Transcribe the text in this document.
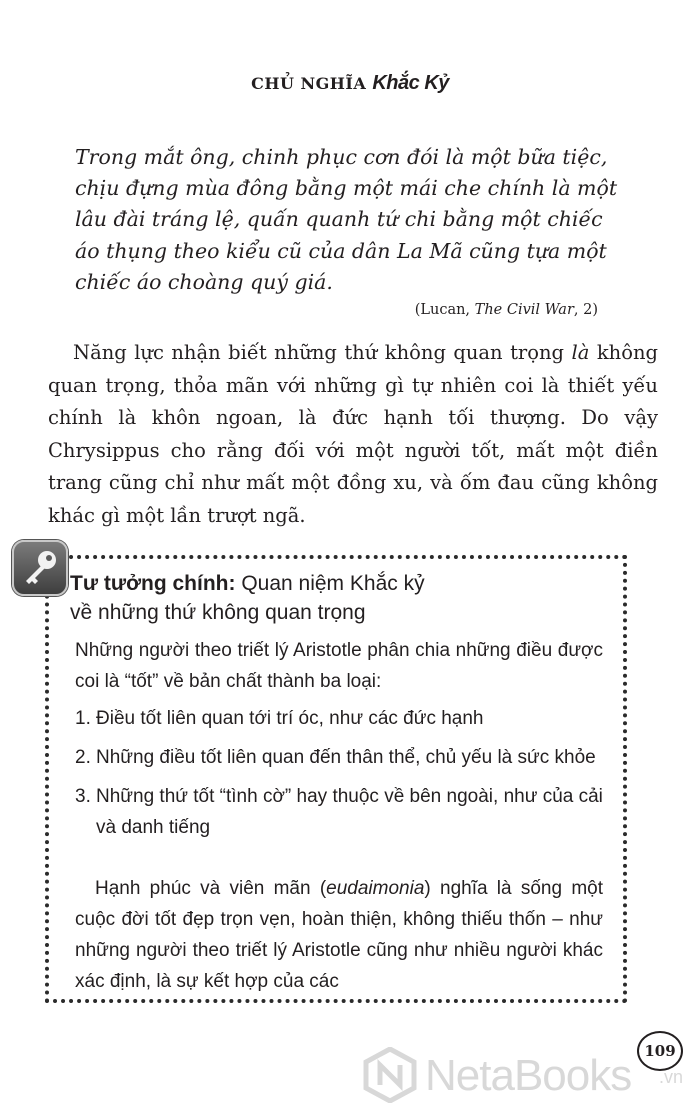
CHỦ NGHĨA Khắc Kỷ
Trong mắt ông, chinh phục cơn đói là một bữa tiệc,
chịu đựng mùa đông bằng một mái che chính là một
lâu đài tráng lệ, quấn quanh tứ chi bằng một chiếc
áo thụng theo kiểu cũ của dân La Mã cũng tựa một
chiếc áo choàng quý giá.
(Lucan, The Civil War, 2)

Năng lực nhận biết những thứ không quan trọng là không quan trọng, thỏa mãn với những gì tự nhiên coi là thiết yếu chính là khôn ngoan, là đức hạnh tối thượng. Do vậy Chrysippus cho rằng đối với một người tốt, mất một điền trang cũng chỉ như mất một đồng xu, và ốm đau cũng không khác gì một lần trượt ngã.

Tư tưởng chính: Quan niệm Khắc kỷ
về những thứ không quan trọng

Những người theo triết lý Aristotle phân chia những điều được coi là “tốt” về bản chất thành ba loại:

1. Điều tốt liên quan tới trí óc, như các đức hạnh
2. Những điều tốt liên quan đến thân thể, chủ yếu là sức khỏe
3. Những thứ tốt “tình cờ” hay thuộc về bên ngoài, như của cải và danh tiếng

Hạnh phúc và viên mãn (eudaimonia) nghĩa là sống một cuộc đời tốt đẹp trọn vẹn, hoàn thiện, không thiếu thốn – như những người theo triết lý Aristotle cũng như nhiều người khác xác định, là sự kết hợp của các

109
NetaBooks .vn
